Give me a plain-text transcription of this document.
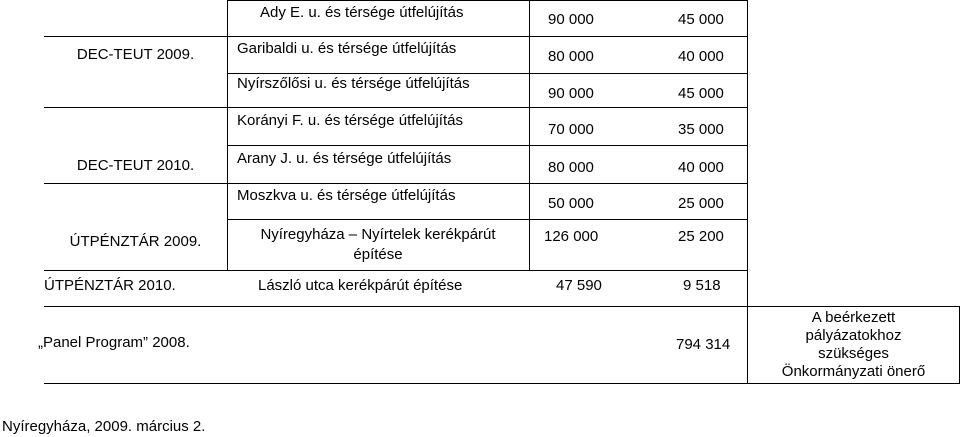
DEC-TEUT 2009.
DEC-TEUT 2010.
ÚTPÉNZTÁR 2009.
ÚTPÉNZTÁR 2010.
„Panel Program” 2008.
Ady E. u. és térsége útfelújítás
Garibaldi u. és térsége útfelújítás
Nyírszőlősi u. és térsége útfelújítás
Korányi F. u. és térsége útfelújítás
Arany J. u. és térsége útfelújítás
Moszkva u. és térsége útfelújítás
Nyíregyháza – Nyírtelek kerékpárút
építése
László utca kerékpárút építése
90 000
80 000
90 000
70 000
80 000
50 000
126 000
47 590
45 000
40 000
45 000
35 000
40 000
25 000
25 200
9 518
794 314
A beérkezett
pályázatokhoz
szükséges
Önkormányzati önerő
Nyíregyháza, 2009. március 2.
